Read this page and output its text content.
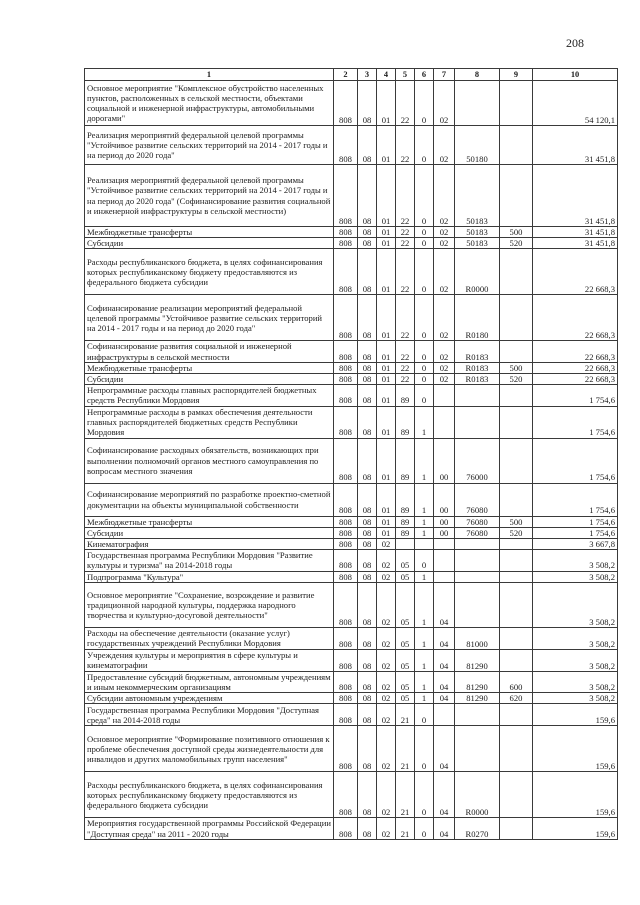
208
1	2	3	4	5	6	7	8	9	10
Основное мероприятие "Комплексное обустройство населенных пунктов, расположенных в сельской местности, объектами социальной и инженерной инфраструктуры, автомобильными дорогами"	808	08	01	22	0	02			54 120,1
Реализация мероприятий федеральной целевой программы "Устойчивое развитие сельских территорий на 2014 - 2017 годы и на период до 2020 года"	808	08	01	22	0	02	50180		31 451,8
Реализация мероприятий федеральной целевой программы "Устойчивое развитие сельских территорий на 2014 - 2017 годы и на период до 2020 года" (Софинансирование развития социальной и инженерной инфраструктуры в сельской местности)	808	08	01	22	0	02	50183		31 451,8
Межбюджетные трансферты	808	08	01	22	0	02	50183	500	31 451,8
Субсидии	808	08	01	22	0	02	50183	520	31 451,8
Расходы республиканского бюджета, в целях софинансирования которых республиканскому бюджету предоставляются из федерального бюджета субсидии	808	08	01	22	0	02	R0000		22 668,3
Софинансирование реализации мероприятий федеральной целевой программы "Устойчивое развитие сельских территорий на 2014 - 2017 годы и на период до 2020 года"	808	08	01	22	0	02	R0180		22 668,3
Софинансирование развития социальной и инженерной инфраструктуры в сельской местности	808	08	01	22	0	02	R0183		22 668,3
Межбюджетные трансферты	808	08	01	22	0	02	R0183	500	22 668,3
Субсидии	808	08	01	22	0	02	R0183	520	22 668,3
Непрограммные расходы главных распорядителей бюджетных средств Республики Мордовия	808	08	01	89	0				1 754,6
Непрограммные расходы в рамках обеспечения деятельности главных распорядителей бюджетных средств Республики Мордовия	808	08	01	89	1				1 754,6
Софинансирование расходных обязательств, возникающих при выполнении полномочий органов местного самоуправления по вопросам местного значения	808	08	01	89	1	00	76000		1 754,6
Софинансирование мероприятий по разработке проектно-сметной документации на объекты муниципальной собственности	808	08	01	89	1	00	76080		1 754,6
Межбюджетные трансферты	808	08	01	89	1	00	76080	500	1 754,6
Субсидии	808	08	01	89	1	00	76080	520	1 754,6
Кинематография	808	08	02						3 667,8
Государственная программа Республики Мордовия "Развитие культуры и туризма" на 2014-2018 годы	808	08	02	05	0				3 508,2
Подпрограмма "Культура"	808	08	02	05	1				3 508,2
Основное мероприятие "Сохранение, возрождение и развитие традиционной народной культуры, поддержка народного творчества и культурно-досуговой деятельности"	808	08	02	05	1	04			3 508,2
Расходы на обеспечение деятельности (оказание услуг) государственных учреждений Республики Мордовия	808	08	02	05	1	04	81000		3 508,2
Учреждения культуры и мероприятия в сфере культуры и кинематографии	808	08	02	05	1	04	81290		3 508,2
Предоставление субсидий бюджетным, автономным учреждениям и иным некоммерческим организациям	808	08	02	05	1	04	81290	600	3 508,2
Субсидии автономным учреждениям	808	08	02	05	1	04	81290	620	3 508,2
Государственная программа Республики Мордовия "Доступная среда" на 2014-2018 годы	808	08	02	21	0				159,6
Основное мероприятие "Формирование позитивного отношения к проблеме обеспечения доступной среды жизнедеятельности для инвалидов и других маломобильных групп населения"	808	08	02	21	0	04			159,6
Расходы республиканского бюджета, в целях софинансирования которых республиканскому бюджету предоставляются из федерального бюджета субсидии	808	08	02	21	0	04	R0000		159,6
Мероприятия государственной программы Российской Федерации "Доступная среда" на 2011 - 2020 годы	808	08	02	21	0	04	R0270		159,6
